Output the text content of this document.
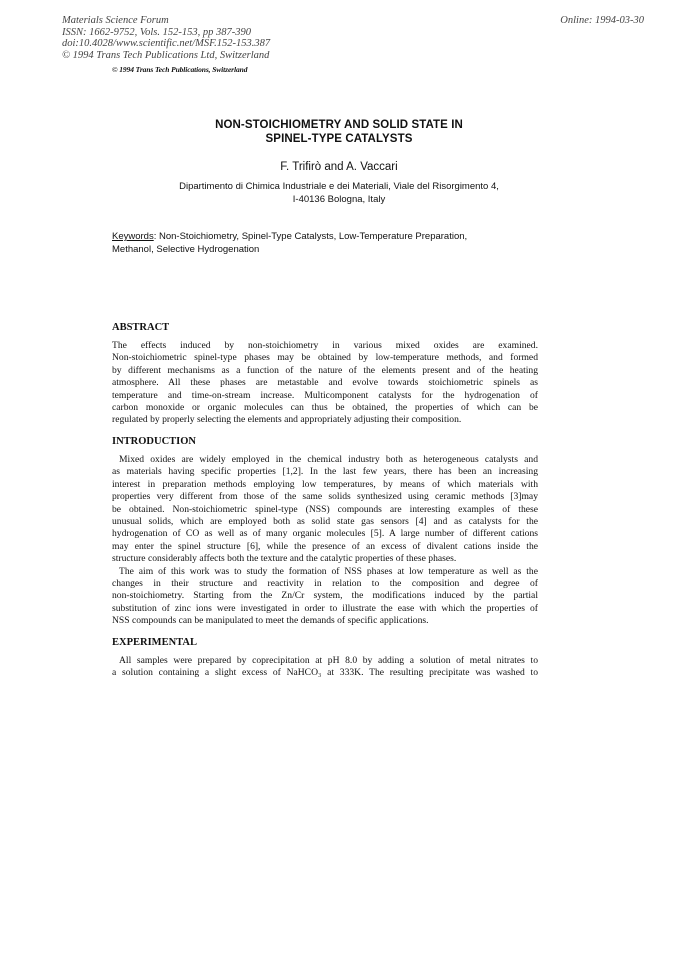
Materials Science Forum
ISSN: 1662-9752, Vols. 152-153, pp 387-390
doi:10.4028/www.scientific.net/MSF.152-153.387
© 1994 Trans Tech Publications Ltd, Switzerland
Online: 1994-03-30
© 1994 Trans Tech Publications, Switzerland
NON-STOICHIOMETRY AND SOLID STATE IN
SPINEL-TYPE CATALYSTS
F. Trifirò and A. Vaccari
Dipartimento di Chimica Industriale e dei Materiali, Viale del Risorgimento 4,
I-40136 Bologna, Italy
Keywords: Non-Stoichiometry, Spinel-Type Catalysts, Low-Temperature Preparation,
Methanol, Selective Hydrogenation
ABSTRACT
The effects induced by non-stoichiometry in various mixed oxides are examined.
Non-stoichiometric spinel-type phases may be obtained by low-temperature methods, and formed
by different mechanisms as a function of the nature of the elements present and of the heating
atmosphere. All these phases are metastable and evolve towards stoichiometric spinels as
temperature and time-on-stream increase. Multicomponent catalysts for the hydrogenation of
carbon monoxide or organic molecules can thus be obtained, the properties of which can be
regulated by properly selecting the elements and appropriately adjusting their composition.
INTRODUCTION
Mixed oxides are widely employed in the chemical industry both as heterogeneous catalysts and
as materials having specific properties [1,2]. In the last few years, there has been an increasing
interest in preparation methods employing low temperatures, by means of which materials with
properties very different from those of the same solids synthesized using ceramic methods [3]may
be obtained. Non-stoichiometric spinel-type (NSS) compounds are interesting examples of these
unusual solids, which are employed both as solid state gas sensors [4] and as catalysts for the
hydrogenation of CO as well as of many organic molecules [5]. A large number of different cations
may enter the spinel structure [6], while the presence of an excess of divalent cations inside the
structure considerably affects both the texture and the catalytic properties of these phases.
The aim of this work was to study the formation of NSS phases at low temperature as well as the
changes in their structure and reactivity in relation to the composition and degree of
non-stoichiometry. Starting from the Zn/Cr system, the modifications induced by the partial
substitution of zinc ions were investigated in order to illustrate the ease with which the properties of
NSS compounds can be manipulated to meet the demands of specific applications.
EXPERIMENTAL
All samples were prepared by coprecipitation at pH 8.0 by adding a solution of metal nitrates to
a solution containing a slight excess of NaHCO₃ at 333K. The resulting precipitate was washed to
